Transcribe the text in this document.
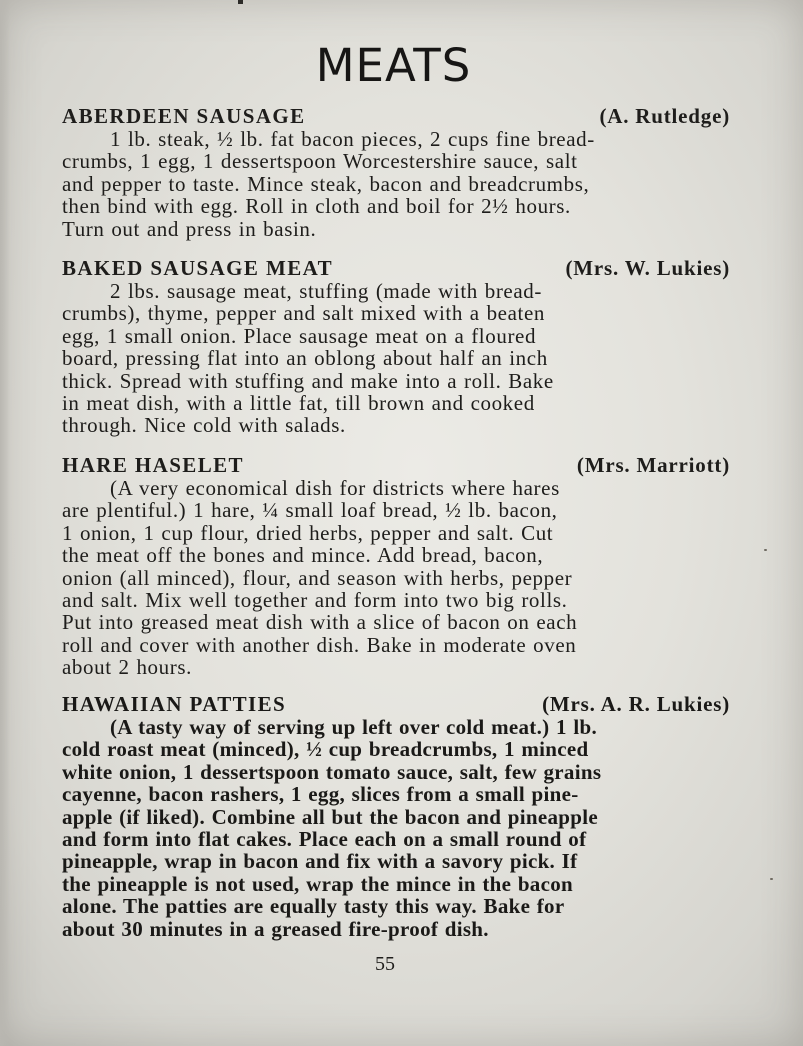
MEATS
ABERDEEN SAUSAGE	(A. Rutledge)
1 lb. steak, ½ lb. fat bacon pieces, 2 cups fine bread-
crumbs, 1 egg, 1 dessertspoon Worcestershire sauce, salt
and pepper to taste. Mince steak, bacon and breadcrumbs,
then bind with egg. Roll in cloth and boil for 2½ hours.
Turn out and press in basin.
BAKED SAUSAGE MEAT	(Mrs. W. Lukies)
2 lbs. sausage meat, stuffing (made with bread-
crumbs), thyme, pepper and salt mixed with a beaten
egg, 1 small onion. Place sausage meat on a floured
board, pressing flat into an oblong about half an inch
thick. Spread with stuffing and make into a roll. Bake
in meat dish, with a little fat, till brown and cooked
through. Nice cold with salads.
HARE HASELET	(Mrs. Marriott)
(A very economical dish for districts where hares
are plentiful.) 1 hare, ¼ small loaf bread, ½ lb. bacon,
1 onion, 1 cup flour, dried herbs, pepper and salt. Cut
the meat off the bones and mince. Add bread, bacon,
onion (all minced), flour, and season with herbs, pepper
and salt. Mix well together and form into two big rolls.
Put into greased meat dish with a slice of bacon on each
roll and cover with another dish. Bake in moderate oven
about 2 hours.
HAWAIIAN PATTIES	(Mrs. A. R. Lukies)
(A tasty way of serving up left over cold meat.) 1 lb.
cold roast meat (minced), ½ cup breadcrumbs, 1 minced
white onion, 1 dessertspoon tomato sauce, salt, few grains
cayenne, bacon rashers, 1 egg, slices from a small pine-
apple (if liked). Combine all but the bacon and pineapple
and form into flat cakes. Place each on a small round of
pineapple, wrap in bacon and fix with a savory pick. If
the pineapple is not used, wrap the mince in the bacon
alone. The patties are equally tasty this way. Bake for
about 30 minutes in a greased fire-proof dish.
55
